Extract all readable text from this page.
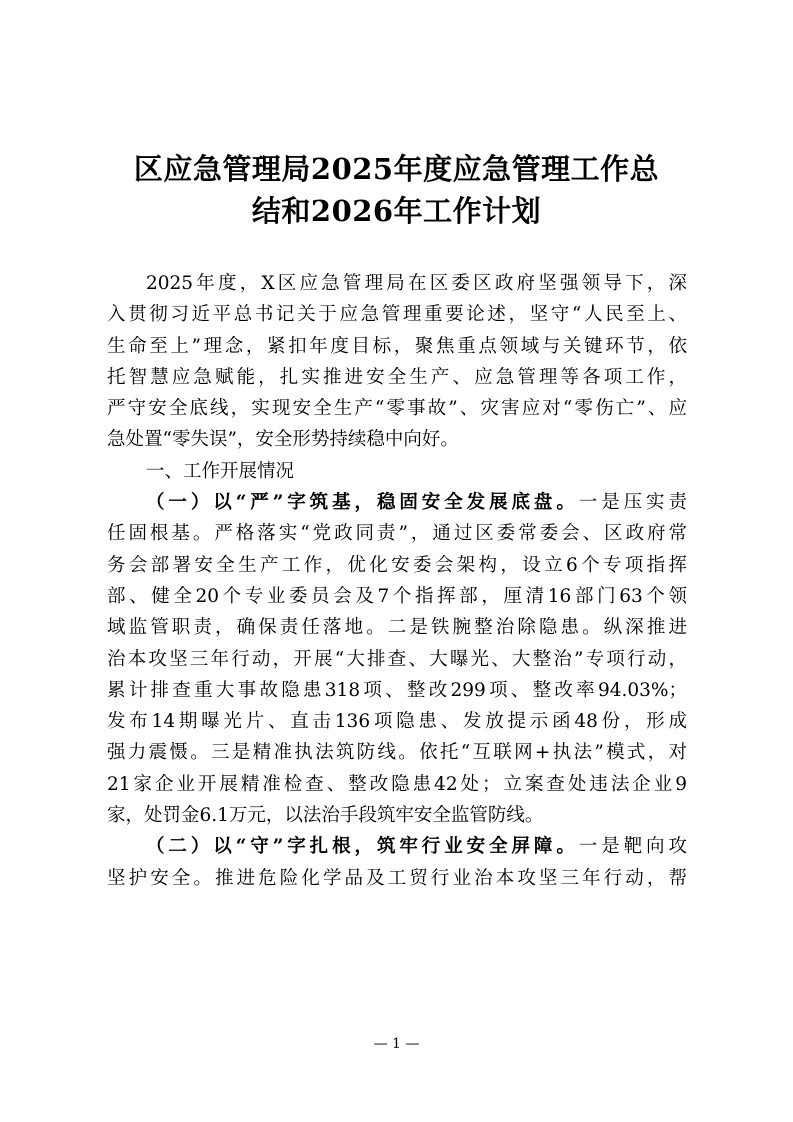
区应急管理局2025年度应急管理工作总
结和2026年工作计划
2025年度，X区应急管理局在区委区政府坚强领导下，深
入贯彻习近平总书记关于应急管理重要论述，坚守“人民至上、
生命至上”理念，紧扣年度目标，聚焦重点领域与关键环节，依
托智慧应急赋能，扎实推进安全生产、应急管理等各项工作，
严守安全底线，实现安全生产“零事故”、灾害应对“零伤亡”、应
急处置“零失误”，安全形势持续稳中向好。
一、工作开展情况
（一）以“严”字筑基，稳固安全发展底盘。一是压实责
任固根基。严格落实“党政同责”，通过区委常委会、区政府常
务会部署安全生产工作，优化安委会架构，设立6个专项指挥
部、健全20个专业委员会及7个指挥部，厘清16部门63个领
域监管职责，确保责任落地。二是铁腕整治除隐患。纵深推进
治本攻坚三年行动，开展“大排查、大曝光、大整治”专项行动，
累计排查重大事故隐患318项、整改299项、整改率94.03%；
发布14期曝光片、直击136项隐患、发放提示函48份，形成
强力震慑。三是精准执法筑防线。依托“互联网+执法”模式，对
21家企业开展精准检查、整改隐患42处；立案查处违法企业9
家，处罚金6.1万元，以法治手段筑牢安全监管防线。
（二）以“守”字扎根，筑牢行业安全屏障。一是靶向攻
坚护安全。推进危险化学品及工贸行业治本攻坚三年行动，帮
— 1 —
